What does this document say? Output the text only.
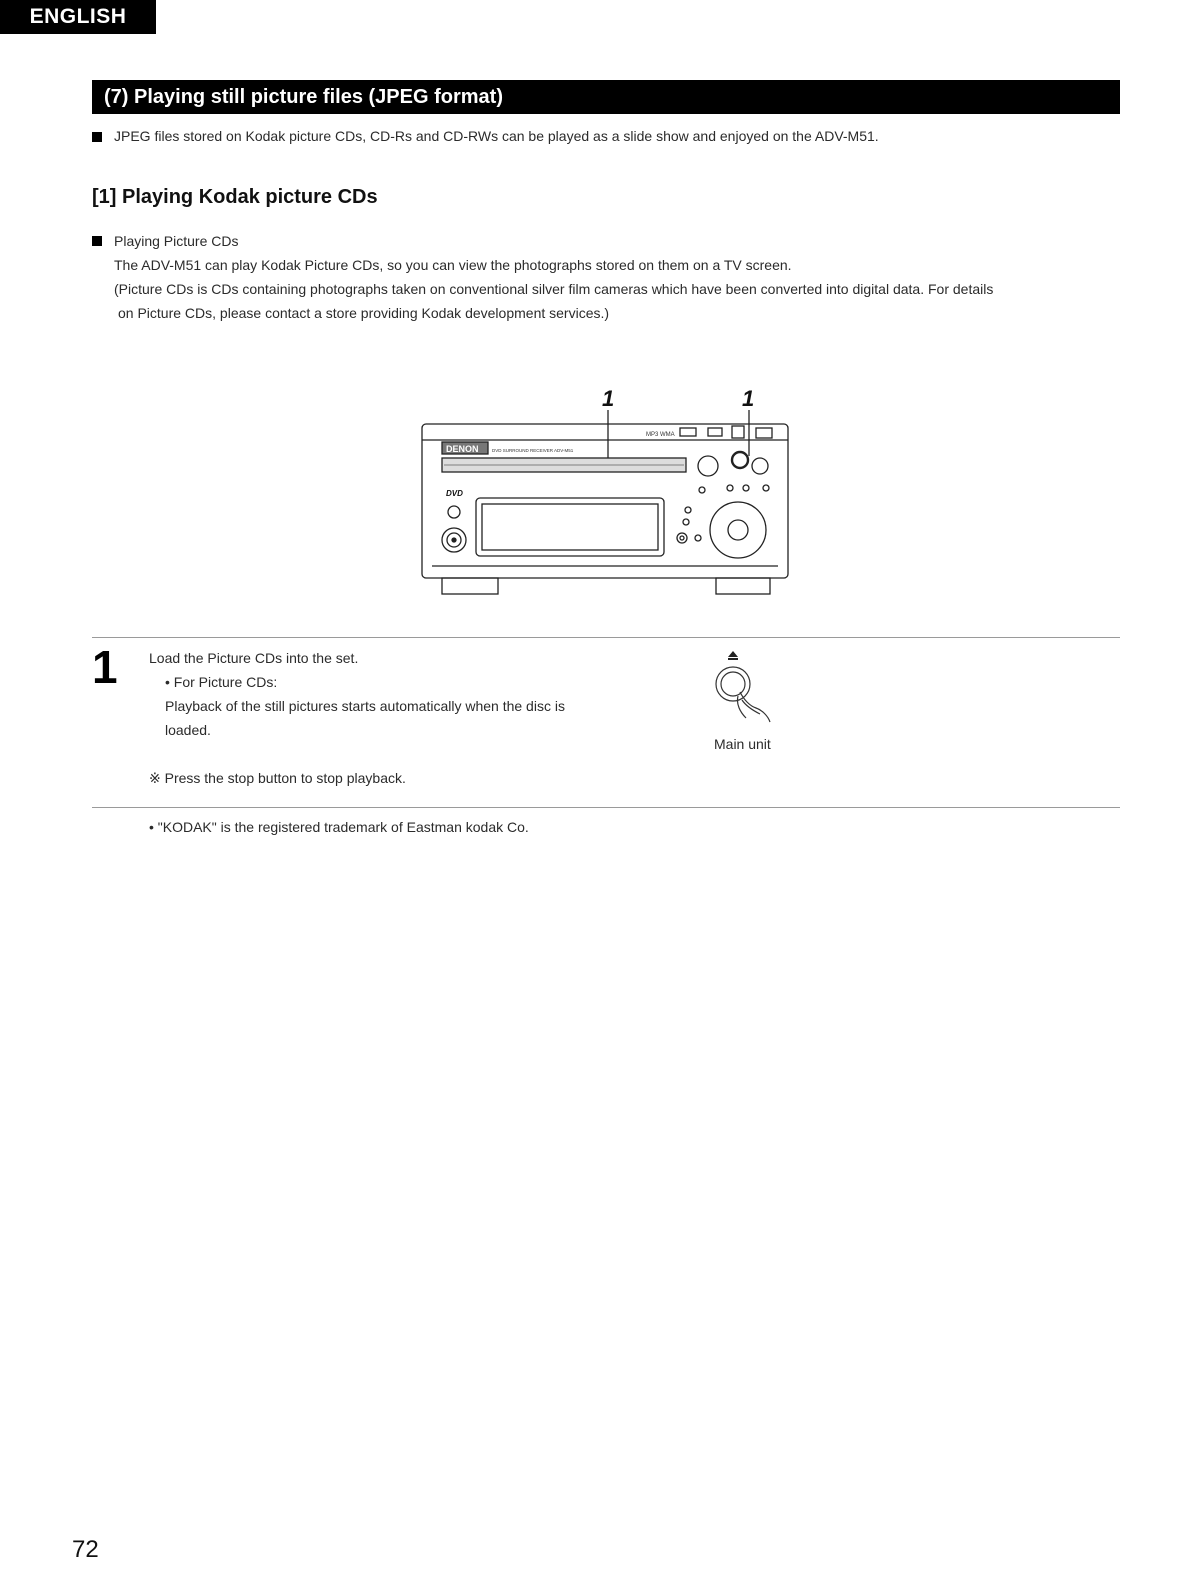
ENGLISH
(7) Playing still picture files (JPEG format)
JPEG files stored on Kodak picture CDs, CD-Rs and CD-RWs can be played as a slide show and enjoyed on the ADV-M51.
[1] Playing Kodak picture CDs
Playing Picture CDs
The ADV-M51 can play Kodak Picture CDs, so you can view the photographs stored on them on a TV screen.
(Picture CDs is CDs containing photographs taken on conventional silver film cameras which have been converted into digital data. For details
on Picture CDs, please contact a store providing Kodak development services.)
1	1
DENON	DVD SURROUND RECEIVER ADV-M51
MP3 WMA
DVD
1 Load the Picture CDs into the set.
• For Picture CDs:
Playback of the still pictures starts automatically when the disc is
loaded.
※ Press the stop button to stop playback.
Main unit
• "KODAK" is the registered trademark of Eastman kodak Co.
72
